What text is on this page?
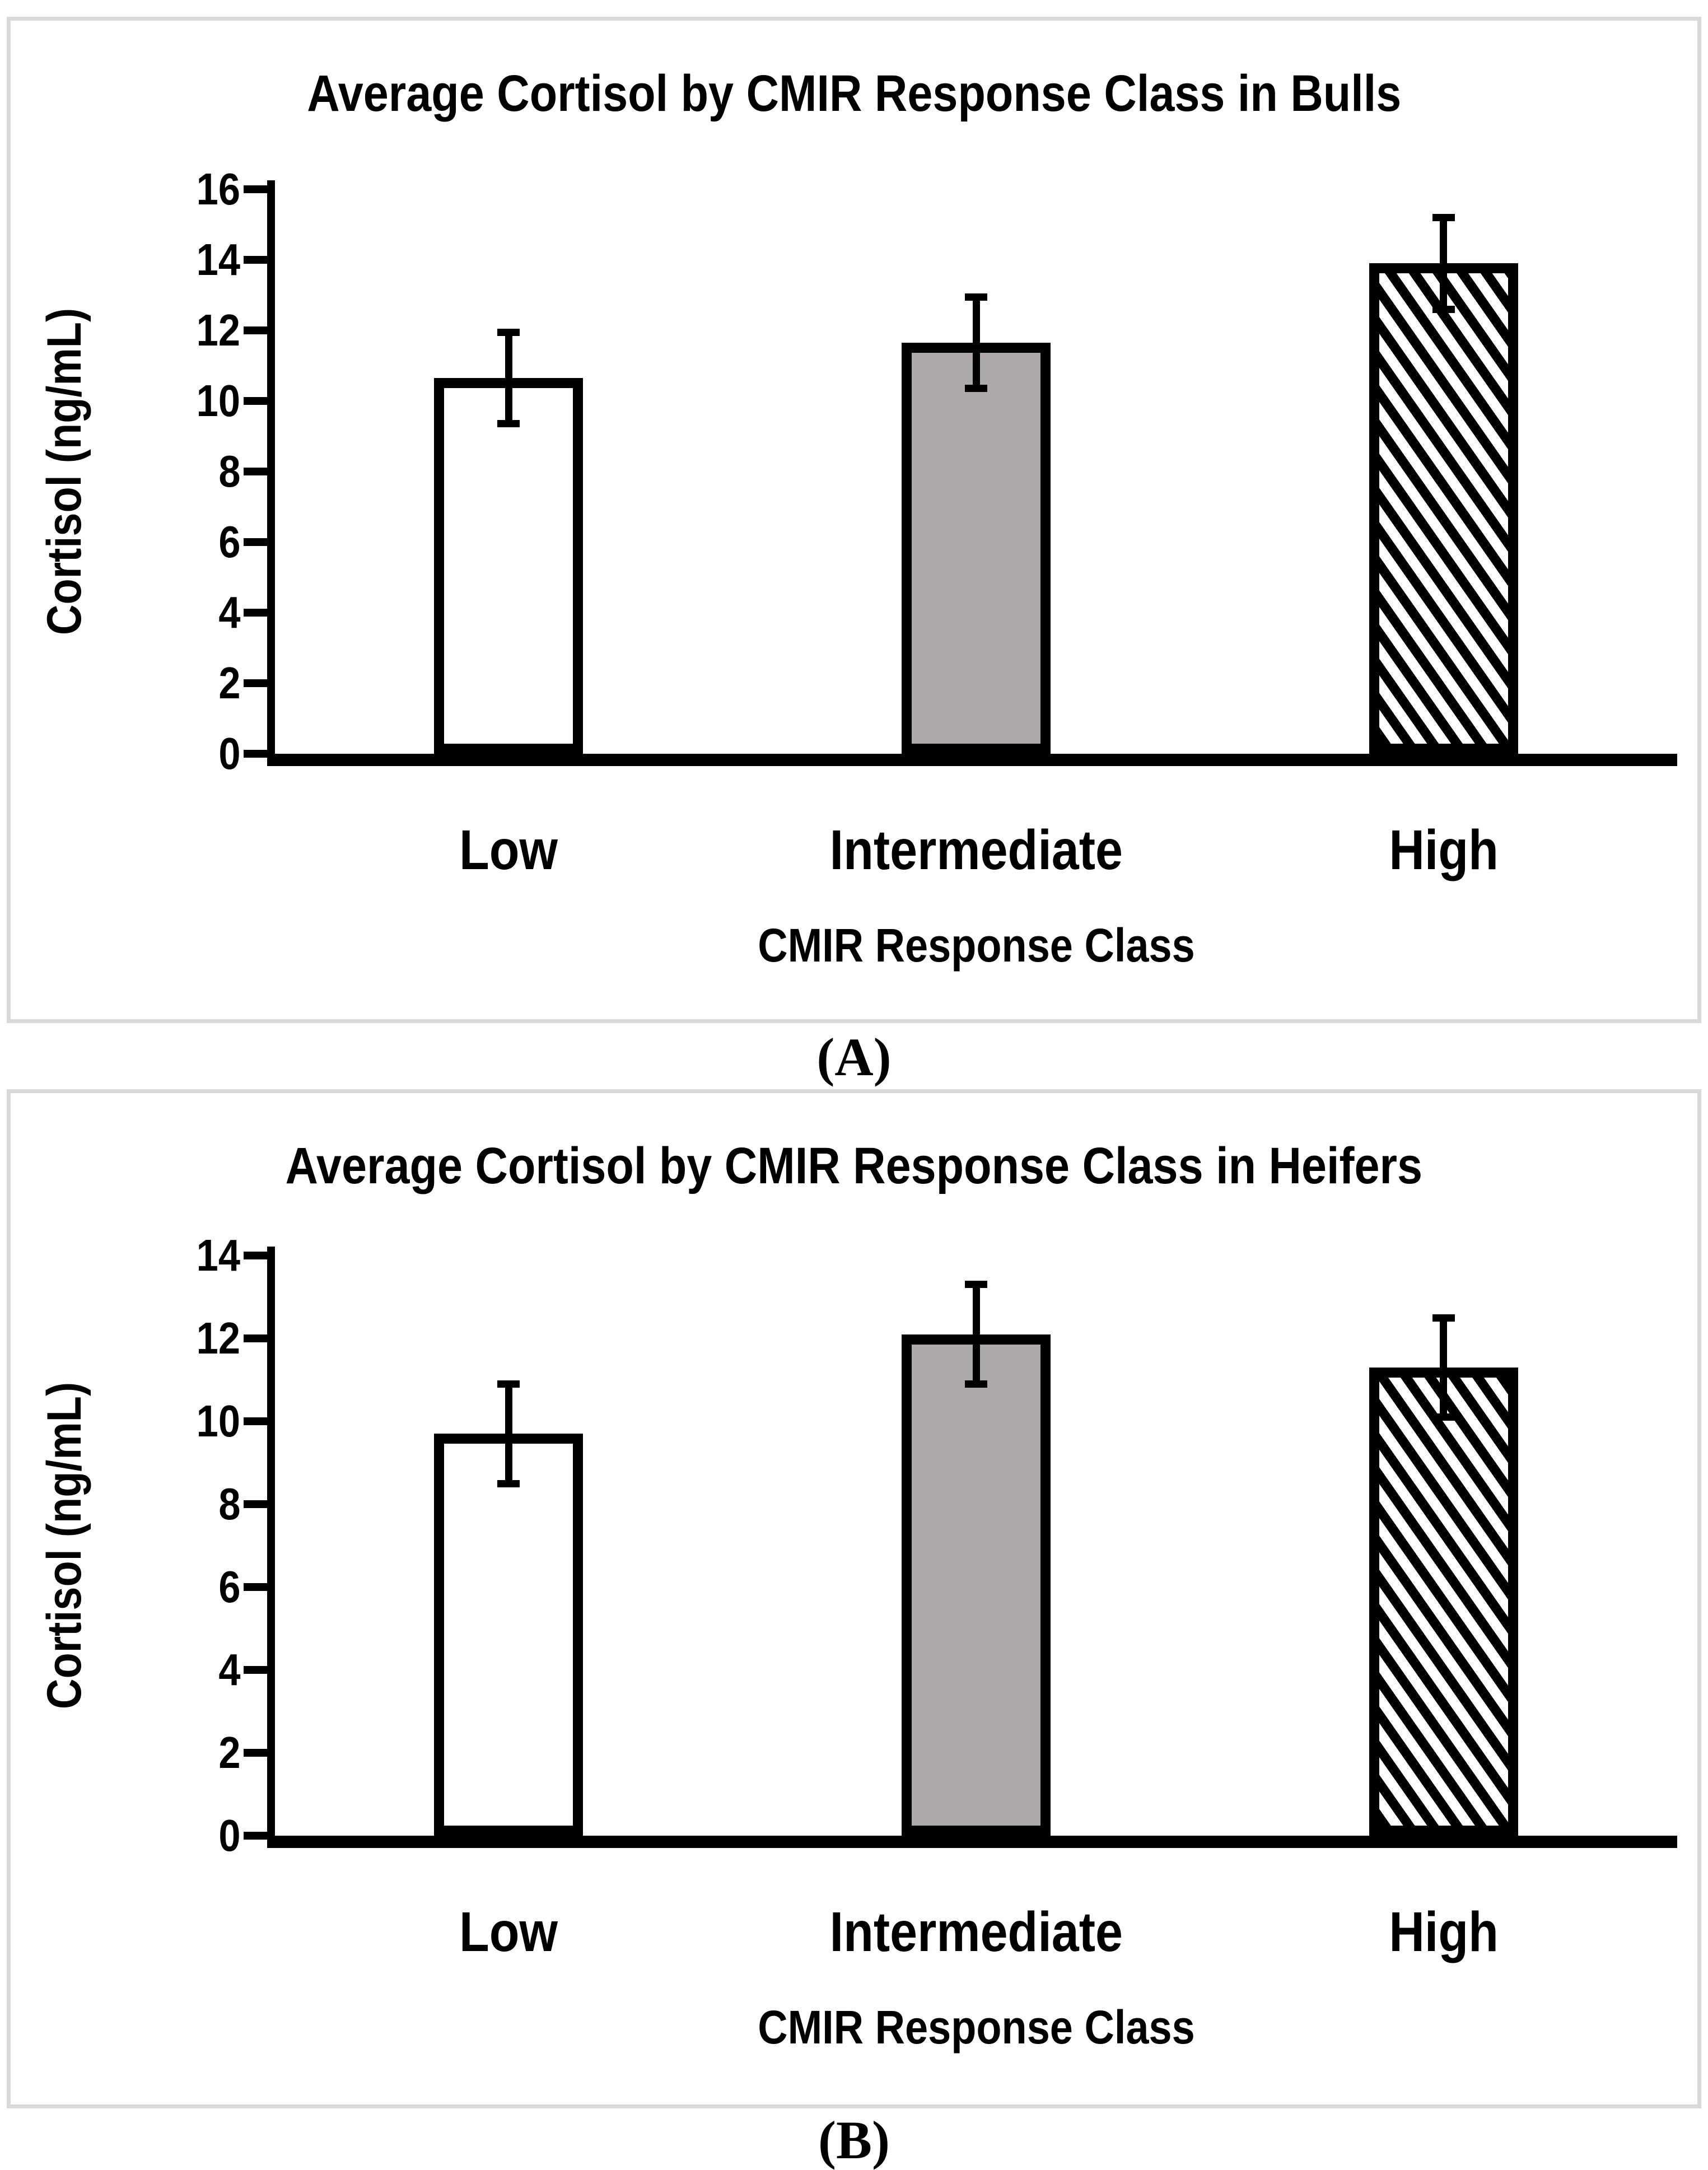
Average Cortisol by CMIR Response Class in Bulls
Cortisol (ng/mL)
0
2
4
6
8
10
12
14
16
Low	Intermediate	High
CMIR Response Class
(A)
Average Cortisol by CMIR Response Class in Heifers
Cortisol (ng/mL)
0
2
4
6
8
10
12
14
Low	Intermediate	High
CMIR Response Class
(B)
